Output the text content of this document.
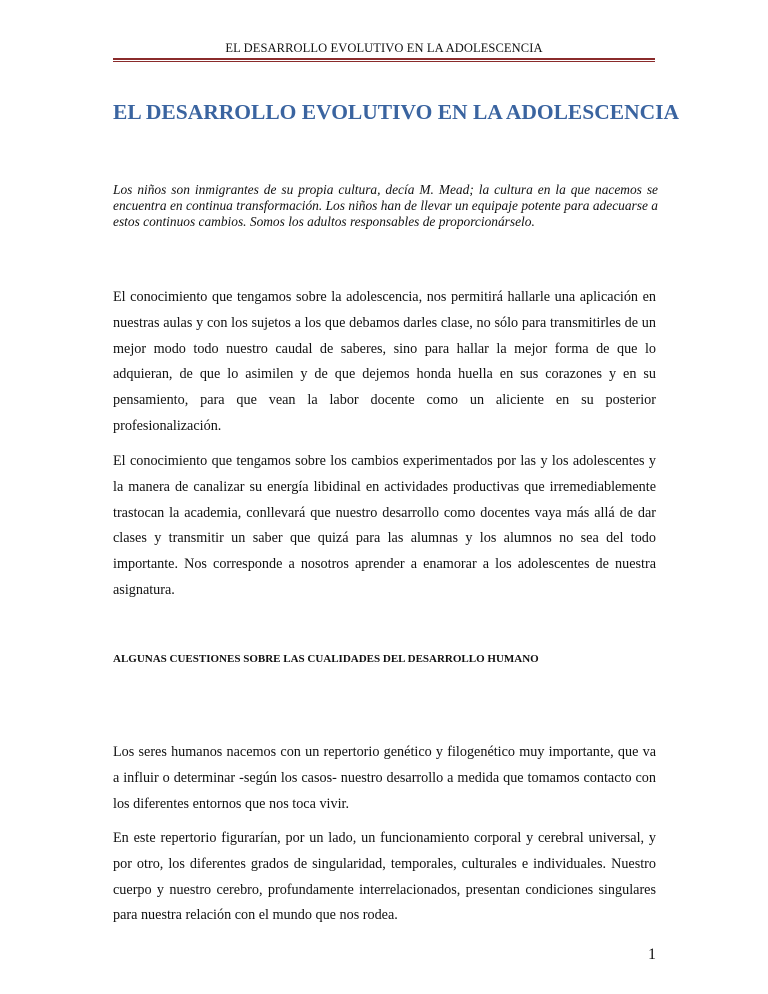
EL DESARROLLO EVOLUTIVO EN LA ADOLESCENCIA
EL DESARROLLO EVOLUTIVO EN LA ADOLESCENCIA

Los niños son inmigrantes de su propia cultura, decía M. Mead; la cultura en la que nacemos se encuentra en continua transformación. Los niños han de llevar un equipaje potente para adecuarse a estos continuos cambios. Somos los adultos responsables de proporcionárselo.

El conocimiento que tengamos sobre la adolescencia, nos permitirá hallarle una aplicación en nuestras aulas y con los sujetos a los que debamos darles clase, no sólo para transmitirles de un mejor modo todo nuestro caudal de saberes, sino para hallar la mejor forma de que lo adquieran, de que lo asimilen y de que dejemos honda huella en sus corazones y en su pensamiento, para que vean la labor docente como un aliciente en su posterior profesionalización.

El conocimiento que tengamos sobre los cambios experimentados por las y los adolescentes y la manera de canalizar su energía libidinal en actividades productivas que irremediablemente trastocan la academia, conllevará que nuestro desarrollo como docentes vaya más allá de dar clases y transmitir un saber que quizá para las alumnas y los alumnos no sea del todo importante. Nos corresponde a nosotros aprender a enamorar a los adolescentes de nuestra asignatura.

ALGUNAS CUESTIONES SOBRE LAS CUALIDADES DEL DESARROLLO HUMANO

Los seres humanos nacemos con un repertorio genético y filogenético muy importante, que va a influir o determinar -según los casos- nuestro desarrollo a medida que tomamos contacto con los diferentes entornos que nos toca vivir.

En este repertorio figurarían, por un lado, un funcionamiento corporal y cerebral universal, y por otro, los diferentes grados de singularidad, temporales, culturales e individuales. Nuestro cuerpo y nuestro cerebro, profundamente interrelacionados, presentan condiciones singulares para nuestra relación con el mundo que nos rodea.

1
